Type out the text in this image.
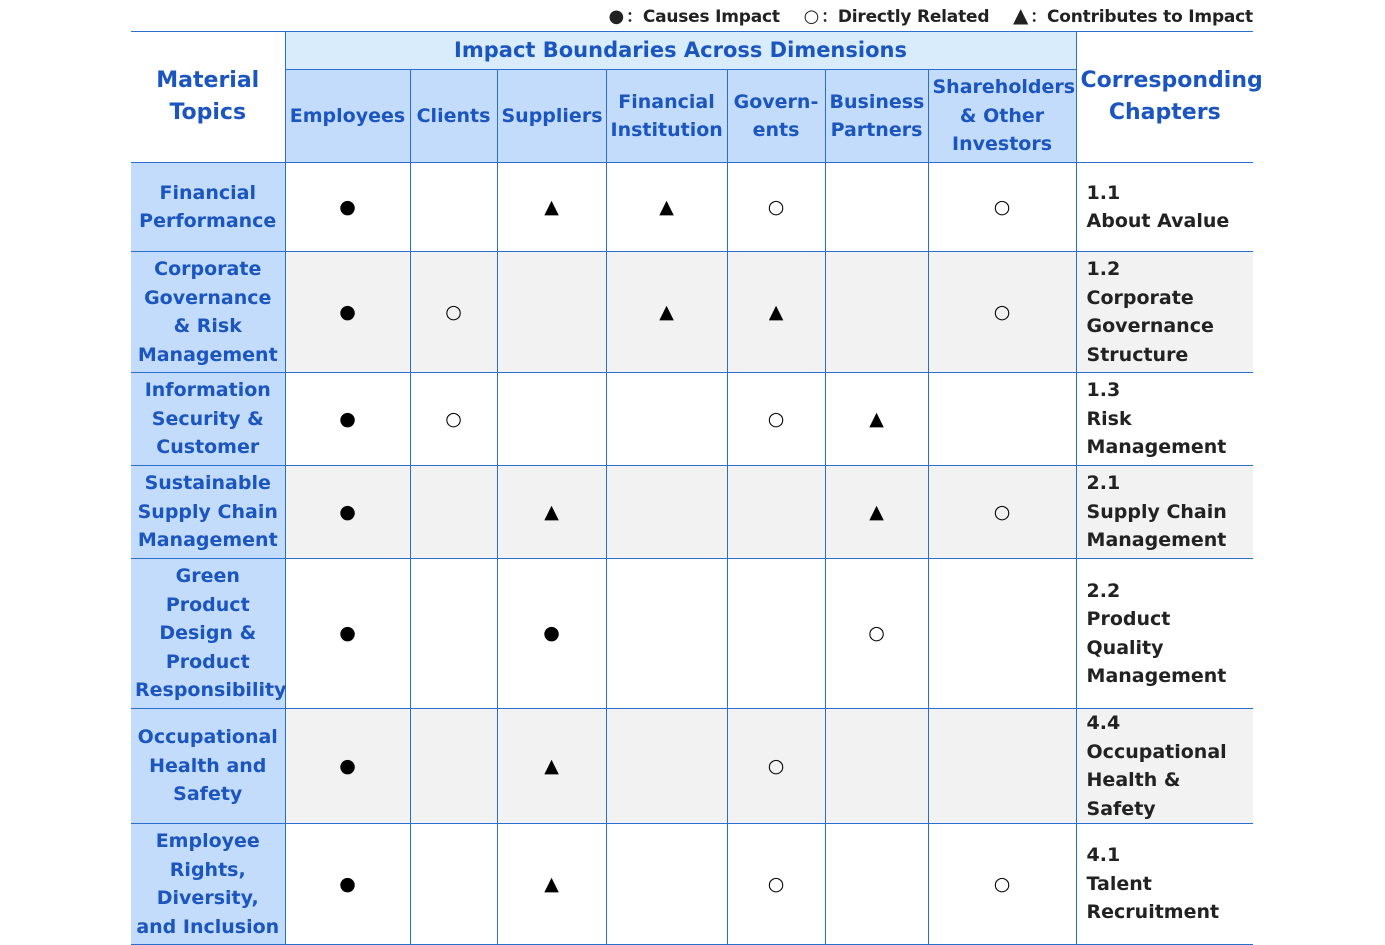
● ：Causes Impact ○ ：Directly Related ▲ ：Contributes to Impact
Material Topics	Impact Boundaries Across Dimensions							Corresponding Chapters
	Employees	Clients	Suppliers	Financial Institution	Govern-ents	Business Partners	Shareholders & Other Investors	
Financial Performance	●		▲	▲	○		○	1.1
About Avalue

Corporate Governance & Risk Management	●	○		▲	▲		○	1.2
Corporate Governance Structure

Information Security & Customer	●	○			○	▲		1.3
Risk Management

Sustainable Supply Chain Management	●		▲			▲	○	2.1
Supply Chain Management

Green Product Design & Product Responsibility	●		●			○		2.2
Product Quality Management

Occupational Health and Safety	●		▲		○			4.4
Occupational Health & Safety

Employee Rights, Diversity, and Inclusion	●		▲		○		○	4.1
Talent Recruitment
